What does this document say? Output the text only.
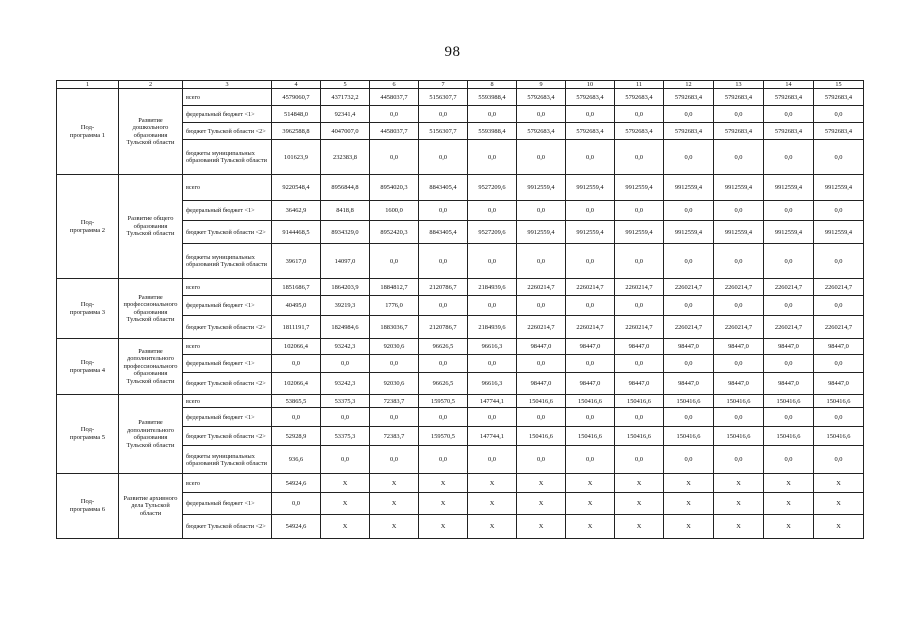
98
1	2	3	4	5	6	7	8	9	10	11	12	13	14	15
Под-
программа 1	Развитие дошкольного образования Тульской области	всего	4579060,7	4371732,2	4458037,7	5156307,7	5593988,4	5792683,4	5792683,4	5792683,4	5792683,4	5792683,4	5792683,4	5792683,4
		федеральный бюджет <1>	514848,0	92341,4	0,0	0,0	0,0	0,0	0,0	0,0	0,0	0,0	0,0	0,0
		бюджет Тульской области <2>	3962588,8	4047007,0	4458037,7	5156307,7	5593988,4	5792683,4	5792683,4	5792683,4	5792683,4	5792683,4	5792683,4	5792683,4
		бюджеты муниципальных образований Тульской области	101623,9	232383,8	0,0	0,0	0,0	0,0	0,0	0,0	0,0	0,0	0,0	0,0
Под-
программа 2	Развитие общего образования Тульской области	всего	9220548,4	8956844,8	8954020,3	8843405,4	9527209,6	9912559,4	9912559,4	9912559,4	9912559,4	9912559,4	9912559,4	9912559,4
		федеральный бюджет <1>	36462,9	8418,8	1600,0	0,0	0,0	0,0	0,0	0,0	0,0	0,0	0,0	0,0
		бюджет Тульской области <2>	9144468,5	8934329,0	8952420,3	8843405,4	9527209,6	9912559,4	9912559,4	9912559,4	9912559,4	9912559,4	9912559,4	9912559,4
		бюджеты муниципальных образований Тульской области	39617,0	14097,0	0,0	0,0	0,0	0,0	0,0	0,0	0,0	0,0	0,0	0,0
Под-
программа 3	Развитие профессионального образования Тульской области	всего	1851686,7	1864203,9	1884812,7	2120786,7	2184939,6	2260214,7	2260214,7	2260214,7	2260214,7	2260214,7	2260214,7	2260214,7
		федеральный бюджет <1>	40495,0	39219,3	1776,0	0,0	0,0	0,0	0,0	0,0	0,0	0,0	0,0	0,0
		бюджет Тульской области <2>	1811191,7	1824984,6	1883036,7	2120786,7	2184939,6	2260214,7	2260214,7	2260214,7	2260214,7	2260214,7	2260214,7	2260214,7
Под-
программа 4	Развитие дополнительного профессионального образования Тульской области	всего	102066,4	93242,3	92030,6	96626,5	96616,3	98447,0	98447,0	98447,0	98447,0	98447,0	98447,0	98447,0
		федеральный бюджет <1>	0,0	0,0	0,0	0,0	0,0	0,0	0,0	0,0	0,0	0,0	0,0	0,0
		бюджет Тульской области <2>	102066,4	93242,3	92030,6	96626,5	96616,3	98447,0	98447,0	98447,0	98447,0	98447,0	98447,0	98447,0
Под-
программа 5	Развитие дополнительного образования Тульской области	всего	53865,5	53375,3	72383,7	159570,5	147744,1	150416,6	150416,6	150416,6	150416,6	150416,6	150416,6	150416,6
		федеральный бюджет <1>	0,0	0,0	0,0	0,0	0,0	0,0	0,0	0,0	0,0	0,0	0,0	0,0
		бюджет Тульской области <2>	52928,9	53375,3	72383,7	159570,5	147744,1	150416,6	150416,6	150416,6	150416,6	150416,6	150416,6	150416,6
		бюджеты муниципальных образований Тульской области	936,6	0,0	0,0	0,0	0,0	0,0	0,0	0,0	0,0	0,0	0,0	0,0
Под-
программа 6	Развитие архивного дела Тульской области	всего	54924,6	X	X	X	X	X	X	X	X	X	X	X
		федеральный бюджет <1>	0,0	X	X	X	X	X	X	X	X	X	X	X
		бюджет Тульской области <2>	54924,6	X	X	X	X	X	X	X	X	X	X	X
